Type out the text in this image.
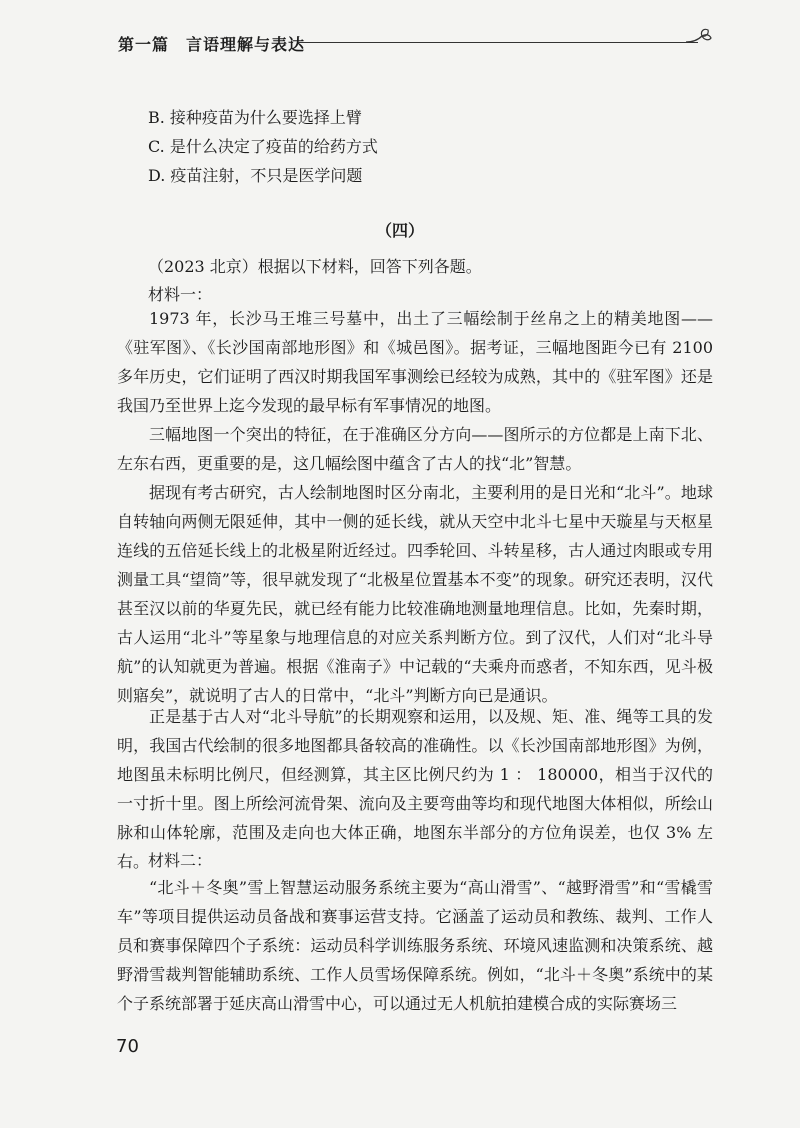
第一篇　言语理解与表达
B. 接种疫苗为什么要选择上臂
C. 是什么决定了疫苗的给药方式
D. 疫苗注射，不只是医学问题
（四）
（2023 北京）根据以下材料，回答下列各题。
材料一：
1973 年，长沙马王堆三号墓中，出土了三幅绘制于丝帛之上的精美地图——《驻军图》、《长沙国南部地形图》和《城邑图》。据考证，三幅地图距今已有 2100 多年历史，它们证明了西汉时期我国军事测绘已经较为成熟，其中的《驻军图》还是我国乃至世界上迄今发现的最早标有军事情况的地图。
三幅地图一个突出的特征，在于准确区分方向——图所示的方位都是上南下北、左东右西，更重要的是，这几幅绘图中蕴含了古人的找“北”智慧。
据现有考古研究，古人绘制地图时区分南北，主要利用的是日光和“北斗”。地球自转轴向两侧无限延伸，其中一侧的延长线，就从天空中北斗七星中天璇星与天枢星连线的五倍延长线上的北极星附近经过。四季轮回、斗转星移，古人通过肉眼或专用测量工具“望筒”等，很早就发现了“北极星位置基本不变”的现象。研究还表明，汉代甚至汉以前的华夏先民，就已经有能力比较准确地测量地理信息。比如，先秦时期，古人运用“北斗”等星象与地理信息的对应关系判断方位。到了汉代，人们对“北斗导航”的认知就更为普遍。根据《淮南子》中记载的“夫乘舟而惑者，不知东西，见斗极则寤矣”，就说明了古人的日常中，“北斗”判断方向已是通识。
正是基于古人对“北斗导航”的长期观察和运用，以及规、矩、准、绳等工具的发明，我国古代绘制的很多地图都具备较高的准确性。以《长沙国南部地形图》为例，地图虽未标明比例尺，但经测算，其主区比例尺约为 1 ： 180000，相当于汉代的一寸折十里。图上所绘河流骨架、流向及主要弯曲等均和现代地图大体相似，所绘山脉和山体轮廓，范围及走向也大体正确，地图东半部分的方位角误差，也仅 3% 左右。
材料二：
“北斗＋冬奥”雪上智慧运动服务系统主要为“高山滑雪”、“越野滑雪”和“雪橇雪车”等项目提供运动员备战和赛事运营支持。它涵盖了运动员和教练、裁判、工作人员和赛事保障四个子系统：运动员科学训练服务系统、环境风速监测和决策系统、越野滑雪裁判智能辅助系统、工作人员雪场保障系统。例如，“北斗＋冬奥”系统中的某个子系统部署于延庆高山滑雪中心，可以通过无人机航拍建模合成的实际赛场三
70
